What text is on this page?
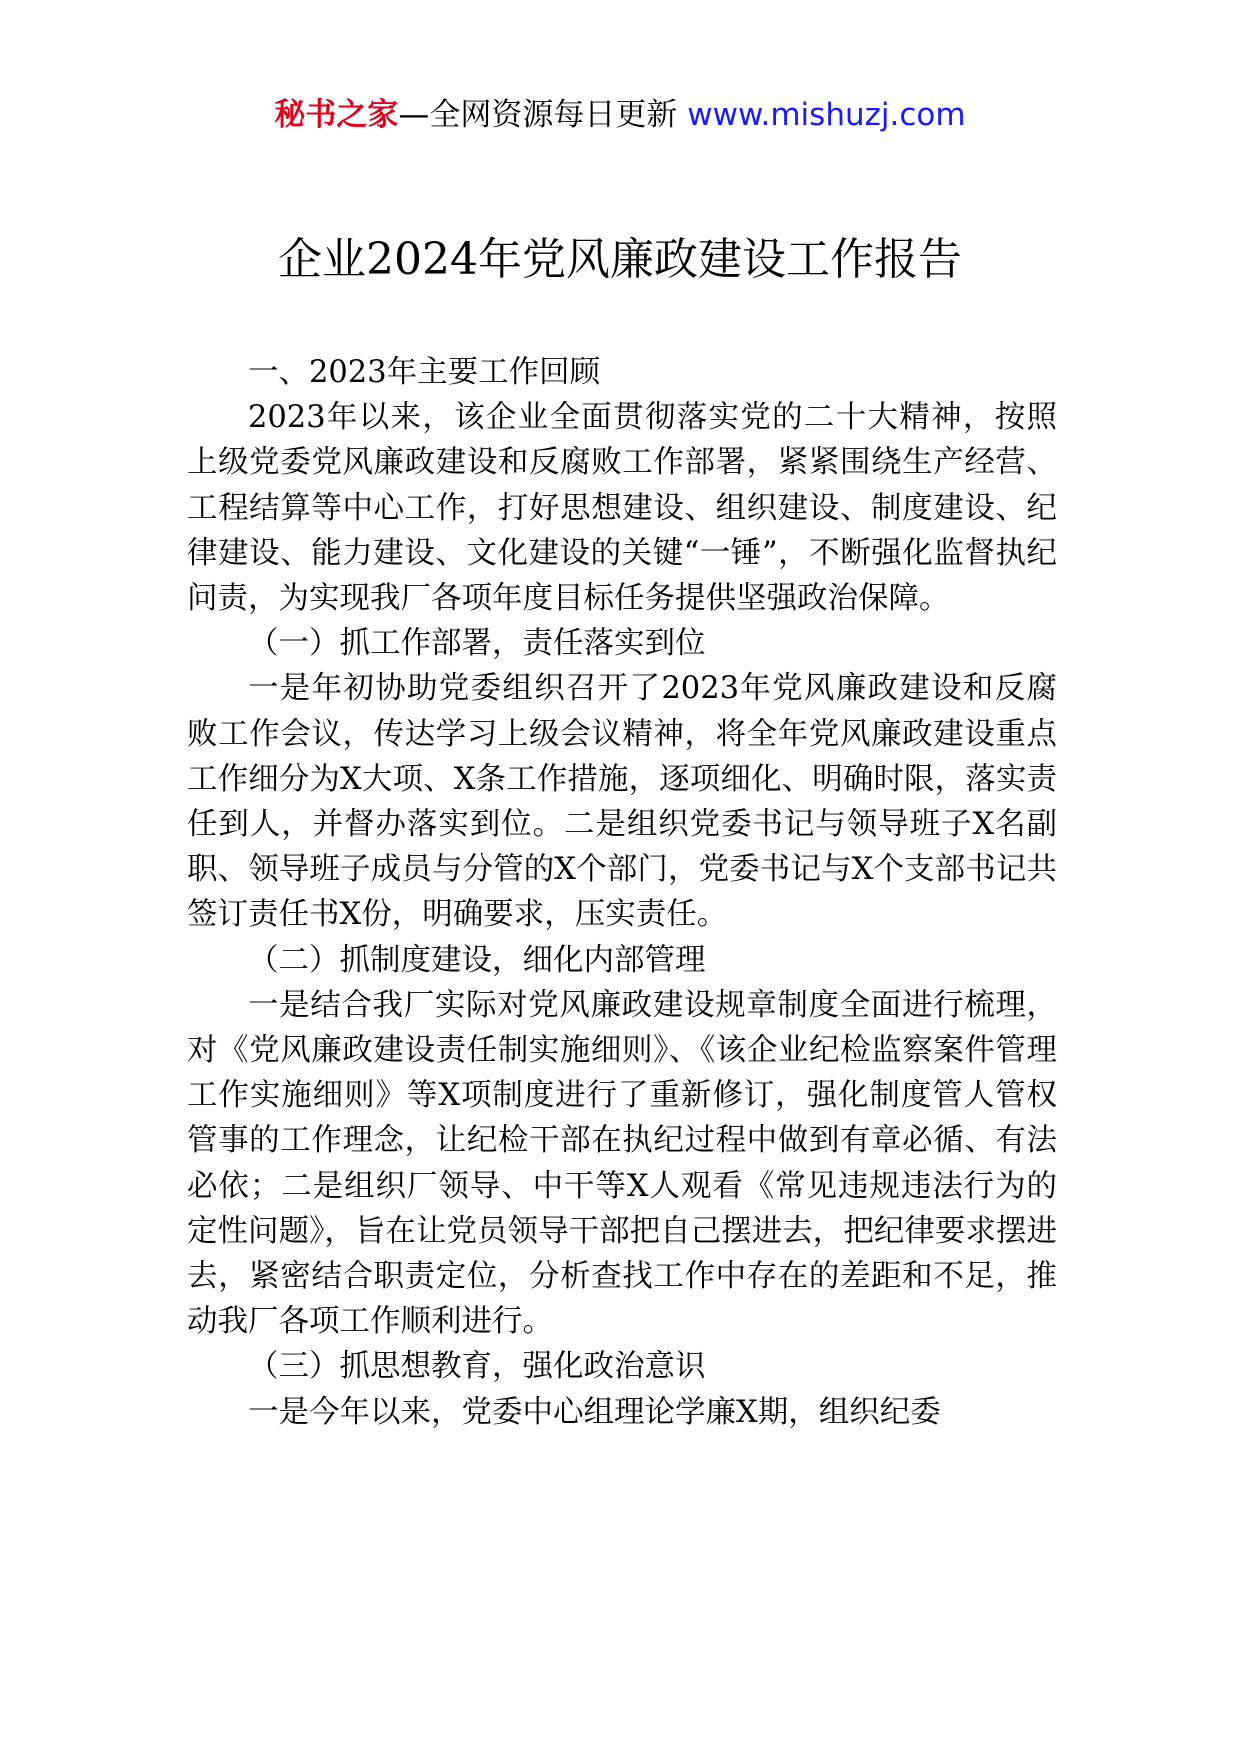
秘书之家—全网资源每日更新 www.mishuzj.com
企业2024年党风廉政建设工作报告

一、2023年主要工作回顾

2023年以来，该企业全面贯彻落实党的二十大精神，按照上级党委党风廉政建设和反腐败工作部署，紧紧围绕生产经营、工程结算等中心工作，打好思想建设、组织建设、制度建设、纪律建设、能力建设、文化建设的关键“一锤”，不断强化监督执纪问责，为实现我厂各项年度目标任务提供坚强政治保障。

（一）抓工作部署，责任落实到位

一是年初协助党委组织召开了2023年党风廉政建设和反腐败工作会议，传达学习上级会议精神，将全年党风廉政建设重点工作细分为X大项、X条工作措施，逐项细化、明确时限，落实责任到人，并督办落实到位。二是组织党委书记与领导班子X名副职、领导班子成员与分管的X个部门，党委书记与X个支部书记共签订责任书X份，明确要求，压实责任。

（二）抓制度建设，细化内部管理

一是结合我厂实际对党风廉政建设规章制度全面进行梳理，对《党风廉政建设责任制实施细则》、《该企业纪检监察案件管理工作实施细则》等X项制度进行了重新修订，强化制度管人管权管事的工作理念，让纪检干部在执纪过程中做到有章必循、有法必依；二是组织厂领导、中干等X人观看《常见违规违法行为的定性问题》，旨在让党员领导干部把自己摆进去，把纪律要求摆进去，紧密结合职责定位，分析查找工作中存在的差距和不足，推动我厂各项工作顺利进行。

（三）抓思想教育，强化政治意识

一是今年以来，党委中心组理论学廉X期，组织纪委
